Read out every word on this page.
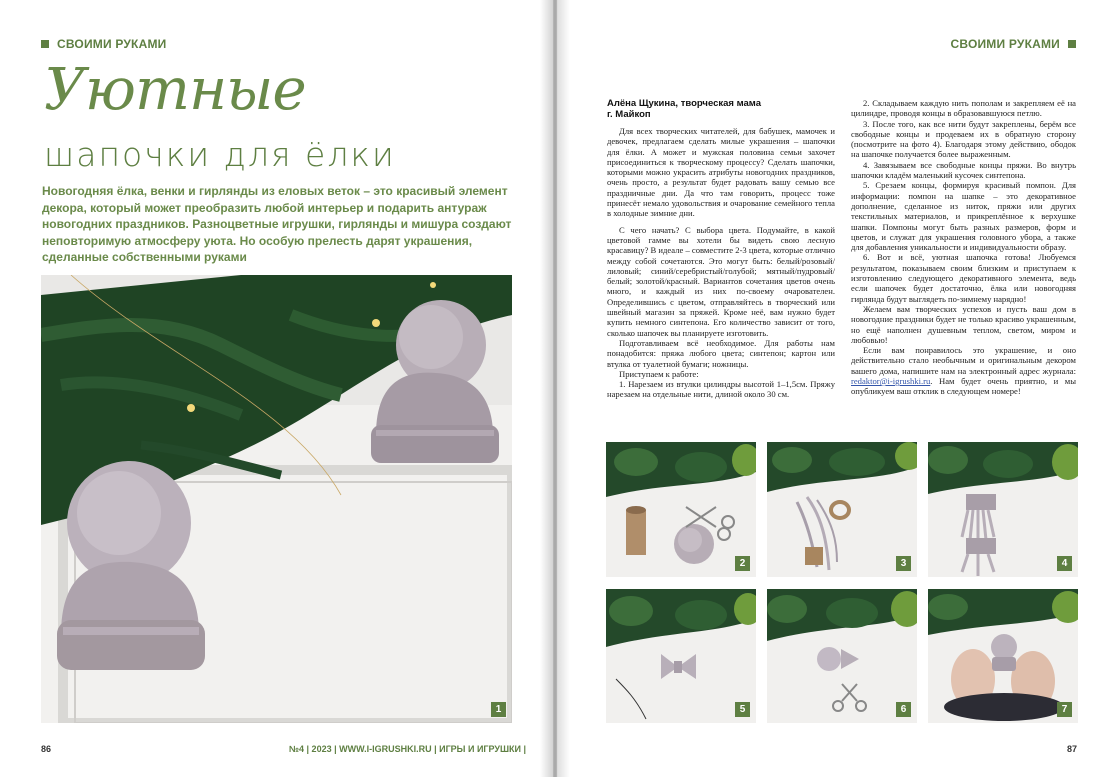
СВОИМИ РУКАМИ
Уютные
шапочки для ёлки
Новогодняя ёлка, венки и гирлянды из еловых веток – это красивый элемент декора, который может преобразить любой интерьер и подарить антураж новогодних праздников. Разноцветные игрушки, гирлянды и мишура создают неповторимую атмосферу уюта. Но особую прелесть дарят украшения, сделанные собственными руками
1
86	№4 | 2023 | WWW.I-IGRUSHKI.RU | ИГРЫ И ИГРУШКИ |
СВОИМИ РУКАМИ
Алёна Щукина, творческая мама
г. Майкоп

Для всех творческих читателей, для бабушек, мамочек и девочек, предлагаем сделать милые украшения – шапочки для ёлки. А может и мужская половина семьи захочет присоединиться к творческому процессу? Сделать шапочки, которыми можно украсить атрибуты новогодних праздников, очень просто, а результат будет радовать вашу семью все праздничные дни. Да что там говорить, процесс тоже принесёт немало удовольствия и очарование семейного тепла в холодные зимние дни.

С чего начать? С выбора цвета. Подумайте, в какой цветовой гамме вы хотели бы видеть свою лесную красавицу? В идеале – совместите 2-3 цвета, которые отлично между собой сочетаются. Это могут быть: белый/розовый/лиловый; синий/серебристый/голубой; мятный/пудровый/белый; золотой/красный. Вариантов сочетания цветов очень много, и каждый из них по-своему очарователен. Определившись с цветом, отправляйтесь в творческий или швейный магазин за пряжей. Кроме неё, вам нужно будет купить немного синтепона. Его количество зависит от того, сколько шапочек вы планируете изготовить.

Подготавливаем всё необходимое. Для работы нам понадобится: пряжа любого цвета; синтепон; картон или втулка от туалетной бумаги; ножницы.

Приступаем к работе:

1. Нарезаем из втулки цилиндры высотой 1–1,5см. Пряжу нарезаем на отдельные нити, длиной около 30 см.

2. Складываем каждую нить пополам и закрепляем её на цилиндре, проводя концы в образовавшуюся петлю.

3. После того, как все нити будут закреплены, берём все свободные концы и продеваем их в обратную сторону (посмотрите на фото 4). Благодаря этому действию, ободок на шапочке получается более выраженным.

4. Завязываем все свободные концы пряжи. Во внутрь шапочки кладём маленький кусочек синтепона.

5. Срезаем концы, формируя красивый помпон. Для информации: помпон на шапке – это декоративное дополнение, сделанное из ниток, пряжи или других текстильных материалов, и прикреплённое к верхушке шапки. Помпоны могут быть разных размеров, форм и цветов, и служат для украшения головного убора, а также для добавления уникальности и индивидуальности образу.

6. Вот и всё, уютная шапочка готова! Любуемся результатом, показываем своим близким и приступаем к изготовлению следующего декоративного элемента, ведь если шапочек будет достаточно, ёлка или новогодняя гирлянда будут выглядеть по-зимнему нарядно!

Желаем вам творческих успехов и пусть ваш дом в новогодние праздники будет не только красиво украшенным, но ещё наполнен душевным теплом, светом, миром и любовью!

Если вам понравилось это украшение, и оно действительно стало необычным и оригинальным декором вашего дома, напишите нам на электронный адрес журнала: redaktor@i-igrushki.ru. Нам будет очень приятно, и мы опубликуем ваш отклик в следующем номере!

2	3	4
5	6	7
87
